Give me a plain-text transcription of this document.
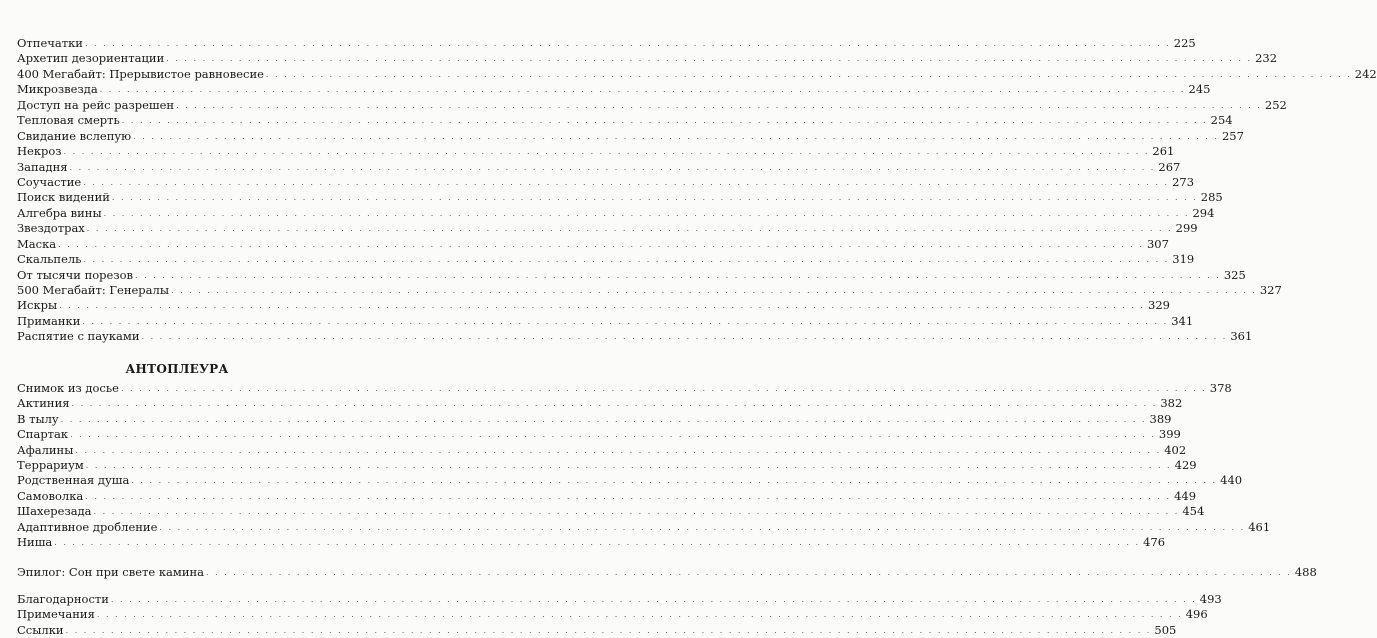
Отпечатки . . . . . . . . . . . . . . . . . . . . . . . . . . . . . . . . . . . . . . . . . . . . . . . . . . . . . . . . . . . . . . . . . . . . . . . . . . . . . . . . . . . . . . . . . . . . . . . . . . . . . . . . . . . . . . . . . . . . . . . . 225
Архетип дезориентации . . . . . . . . . . . . . . . . . . . . . . . . . . . . . . . . . . . . . . . . . . . . . . . . . . . . . . . . . . . . . . . . . . . . . . . . . . . . . . . . . . . . . . . . . . . . . . . . . . . . . . . . . . . . . . . . . . . . . . . . 232
400 Мегабайт: Прерывистое равновесие . . . . . . . . . . . . . . . . . . . . . . . . . . . . . . . . . . . . . . . . . . . . . . . . . . . . . . . . . . . . . . . . . . . . . . . . . . . . . . . . . . . . . . . . . . . . . . . . . . . . . . . . . . . . . . . . . . . . . . . . 242
Микрозвезда . . . . . . . . . . . . . . . . . . . . . . . . . . . . . . . . . . . . . . . . . . . . . . . . . . . . . . . . . . . . . . . . . . . . . . . . . . . . . . . . . . . . . . . . . . . . . . . . . . . . . . . . . . . . . . . . . . . . . . . . 245
Доступ на рейс разрешен . . . . . . . . . . . . . . . . . . . . . . . . . . . . . . . . . . . . . . . . . . . . . . . . . . . . . . . . . . . . . . . . . . . . . . . . . . . . . . . . . . . . . . . . . . . . . . . . . . . . . . . . . . . . . . . . . . . . . . . . 252
Тепловая смерть . . . . . . . . . . . . . . . . . . . . . . . . . . . . . . . . . . . . . . . . . . . . . . . . . . . . . . . . . . . . . . . . . . . . . . . . . . . . . . . . . . . . . . . . . . . . . . . . . . . . . . . . . . . . . . . . . . . . . . . . 254
Свидание вслепую . . . . . . . . . . . . . . . . . . . . . . . . . . . . . . . . . . . . . . . . . . . . . . . . . . . . . . . . . . . . . . . . . . . . . . . . . . . . . . . . . . . . . . . . . . . . . . . . . . . . . . . . . . . . . . . . . . . . . . . . 257
Некроз . . . . . . . . . . . . . . . . . . . . . . . . . . . . . . . . . . . . . . . . . . . . . . . . . . . . . . . . . . . . . . . . . . . . . . . . . . . . . . . . . . . . . . . . . . . . . . . . . . . . . . . . . . . . . . . . . . . . . . . . 261
Западня . . . . . . . . . . . . . . . . . . . . . . . . . . . . . . . . . . . . . . . . . . . . . . . . . . . . . . . . . . . . . . . . . . . . . . . . . . . . . . . . . . . . . . . . . . . . . . . . . . . . . . . . . . . . . . . . . . . . . . . . 267
Соучастие . . . . . . . . . . . . . . . . . . . . . . . . . . . . . . . . . . . . . . . . . . . . . . . . . . . . . . . . . . . . . . . . . . . . . . . . . . . . . . . . . . . . . . . . . . . . . . . . . . . . . . . . . . . . . . . . . . . . . . . . 273
Поиск видений . . . . . . . . . . . . . . . . . . . . . . . . . . . . . . . . . . . . . . . . . . . . . . . . . . . . . . . . . . . . . . . . . . . . . . . . . . . . . . . . . . . . . . . . . . . . . . . . . . . . . . . . . . . . . . . . . . . . . . . . 285
Алгебра вины . . . . . . . . . . . . . . . . . . . . . . . . . . . . . . . . . . . . . . . . . . . . . . . . . . . . . . . . . . . . . . . . . . . . . . . . . . . . . . . . . . . . . . . . . . . . . . . . . . . . . . . . . . . . . . . . . . . . . . . . 294
Звездотрах . . . . . . . . . . . . . . . . . . . . . . . . . . . . . . . . . . . . . . . . . . . . . . . . . . . . . . . . . . . . . . . . . . . . . . . . . . . . . . . . . . . . . . . . . . . . . . . . . . . . . . . . . . . . . . . . . . . . . . . . 299
Маска . . . . . . . . . . . . . . . . . . . . . . . . . . . . . . . . . . . . . . . . . . . . . . . . . . . . . . . . . . . . . . . . . . . . . . . . . . . . . . . . . . . . . . . . . . . . . . . . . . . . . . . . . . . . . . . . . . . . . . . . 307
Скальпель . . . . . . . . . . . . . . . . . . . . . . . . . . . . . . . . . . . . . . . . . . . . . . . . . . . . . . . . . . . . . . . . . . . . . . . . . . . . . . . . . . . . . . . . . . . . . . . . . . . . . . . . . . . . . . . . . . . . . . . . 319
От тысячи порезов . . . . . . . . . . . . . . . . . . . . . . . . . . . . . . . . . . . . . . . . . . . . . . . . . . . . . . . . . . . . . . . . . . . . . . . . . . . . . . . . . . . . . . . . . . . . . . . . . . . . . . . . . . . . . . . . . . . . . . . . 325
500 Мегабайт: Генералы . . . . . . . . . . . . . . . . . . . . . . . . . . . . . . . . . . . . . . . . . . . . . . . . . . . . . . . . . . . . . . . . . . . . . . . . . . . . . . . . . . . . . . . . . . . . . . . . . . . . . . . . . . . . . . . . . . . . . . . . 327
Искры . . . . . . . . . . . . . . . . . . . . . . . . . . . . . . . . . . . . . . . . . . . . . . . . . . . . . . . . . . . . . . . . . . . . . . . . . . . . . . . . . . . . . . . . . . . . . . . . . . . . . . . . . . . . . . . . . . . . . . . . 329
Приманки . . . . . . . . . . . . . . . . . . . . . . . . . . . . . . . . . . . . . . . . . . . . . . . . . . . . . . . . . . . . . . . . . . . . . . . . . . . . . . . . . . . . . . . . . . . . . . . . . . . . . . . . . . . . . . . . . . . . . . . . 341
Распятие с пауками . . . . . . . . . . . . . . . . . . . . . . . . . . . . . . . . . . . . . . . . . . . . . . . . . . . . . . . . . . . . . . . . . . . . . . . . . . . . . . . . . . . . . . . . . . . . . . . . . . . . . . . . . . . . . . . . . . . . . . . . 361
АНТОПЛЕУРА
Снимок из досье . . . . . . . . . . . . . . . . . . . . . . . . . . . . . . . . . . . . . . . . . . . . . . . . . . . . . . . . . . . . . . . . . . . . . . . . . . . . . . . . . . . . . . . . . . . . . . . . . . . . . . . . . . . . . . . . . . . . . . . . 378
Актиния . . . . . . . . . . . . . . . . . . . . . . . . . . . . . . . . . . . . . . . . . . . . . . . . . . . . . . . . . . . . . . . . . . . . . . . . . . . . . . . . . . . . . . . . . . . . . . . . . . . . . . . . . . . . . . . . . . . . . . . . 382
В тылу . . . . . . . . . . . . . . . . . . . . . . . . . . . . . . . . . . . . . . . . . . . . . . . . . . . . . . . . . . . . . . . . . . . . . . . . . . . . . . . . . . . . . . . . . . . . . . . . . . . . . . . . . . . . . . . . . . . . . . . . 389
Спартак . . . . . . . . . . . . . . . . . . . . . . . . . . . . . . . . . . . . . . . . . . . . . . . . . . . . . . . . . . . . . . . . . . . . . . . . . . . . . . . . . . . . . . . . . . . . . . . . . . . . . . . . . . . . . . . . . . . . . . . . 399
Афалины . . . . . . . . . . . . . . . . . . . . . . . . . . . . . . . . . . . . . . . . . . . . . . . . . . . . . . . . . . . . . . . . . . . . . . . . . . . . . . . . . . . . . . . . . . . . . . . . . . . . . . . . . . . . . . . . . . . . . . . . 402
Террариум . . . . . . . . . . . . . . . . . . . . . . . . . . . . . . . . . . . . . . . . . . . . . . . . . . . . . . . . . . . . . . . . . . . . . . . . . . . . . . . . . . . . . . . . . . . . . . . . . . . . . . . . . . . . . . . . . . . . . . . . 429
Родственная душа . . . . . . . . . . . . . . . . . . . . . . . . . . . . . . . . . . . . . . . . . . . . . . . . . . . . . . . . . . . . . . . . . . . . . . . . . . . . . . . . . . . . . . . . . . . . . . . . . . . . . . . . . . . . . . . . . . . . . . . . 440
Самоволка . . . . . . . . . . . . . . . . . . . . . . . . . . . . . . . . . . . . . . . . . . . . . . . . . . . . . . . . . . . . . . . . . . . . . . . . . . . . . . . . . . . . . . . . . . . . . . . . . . . . . . . . . . . . . . . . . . . . . . . . 449
Шахерезада . . . . . . . . . . . . . . . . . . . . . . . . . . . . . . . . . . . . . . . . . . . . . . . . . . . . . . . . . . . . . . . . . . . . . . . . . . . . . . . . . . . . . . . . . . . . . . . . . . . . . . . . . . . . . . . . . . . . . . . . 454
Адаптивное дробление . . . . . . . . . . . . . . . . . . . . . . . . . . . . . . . . . . . . . . . . . . . . . . . . . . . . . . . . . . . . . . . . . . . . . . . . . . . . . . . . . . . . . . . . . . . . . . . . . . . . . . . . . . . . . . . . . . . . . . . . 461
Ниша . . . . . . . . . . . . . . . . . . . . . . . . . . . . . . . . . . . . . . . . . . . . . . . . . . . . . . . . . . . . . . . . . . . . . . . . . . . . . . . . . . . . . . . . . . . . . . . . . . . . . . . . . . . . . . . . . . . . . . . . 476
Эпилог: Сон при свете камина . . . . . . . . . . . . . . . . . . . . . . . . . . . . . . . . . . . . . . . . . . . . . . . . . . . . . . . . . . . . . . . . . . . . . . . . . . . . . . . . . . . . . . . . . . . . . . . . . . . . . . . . . . . . . . . . . . . . . . . . 488
Благодарности . . . . . . . . . . . . . . . . . . . . . . . . . . . . . . . . . . . . . . . . . . . . . . . . . . . . . . . . . . . . . . . . . . . . . . . . . . . . . . . . . . . . . . . . . . . . . . . . . . . . . . . . . . . . . . . . . . . . . . . . 493
Примечания . . . . . . . . . . . . . . . . . . . . . . . . . . . . . . . . . . . . . . . . . . . . . . . . . . . . . . . . . . . . . . . . . . . . . . . . . . . . . . . . . . . . . . . . . . . . . . . . . . . . . . . . . . . . . . . . . . . . . . . . 496
Ссылки . . . . . . . . . . . . . . . . . . . . . . . . . . . . . . . . . . . . . . . . . . . . . . . . . . . . . . . . . . . . . . . . . . . . . . . . . . . . . . . . . . . . . . . . . . . . . . . . . . . . . . . . . . . . . . . . . . . . . . . . 505
